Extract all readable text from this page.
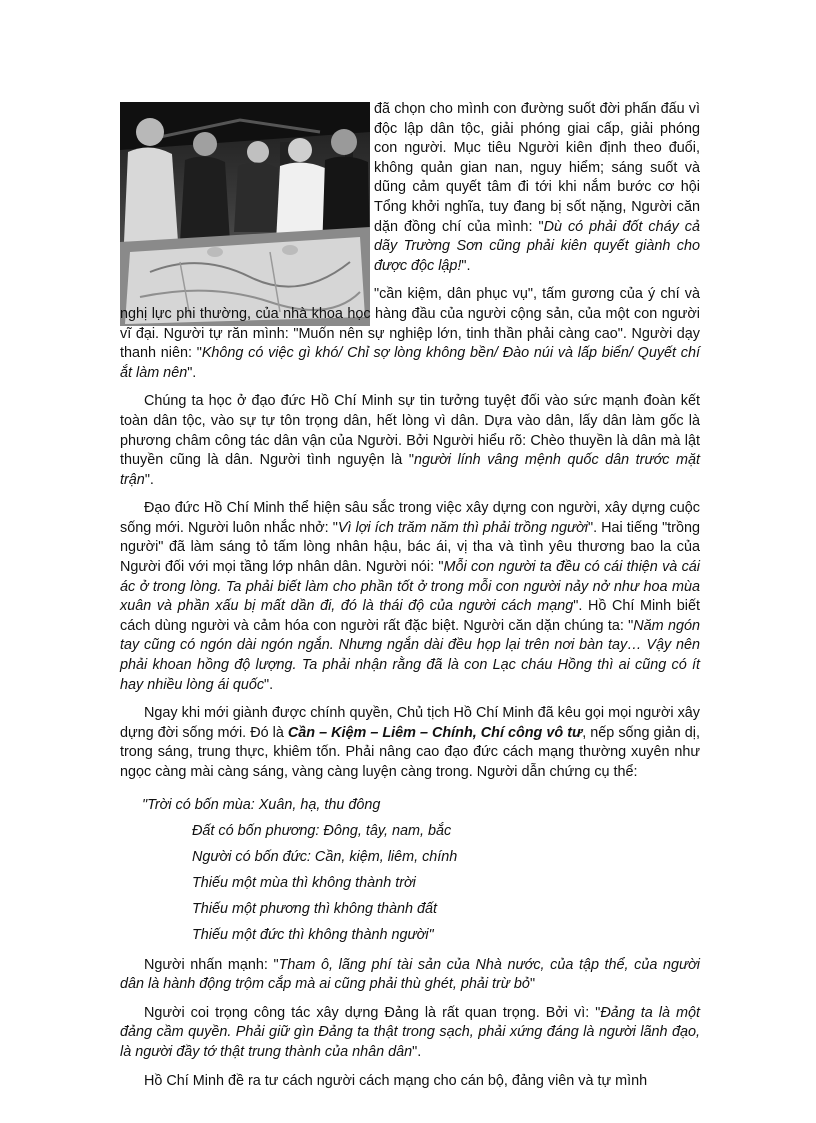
đã chọn cho mình con đường suốt đời phấn đấu vì độc lập dân tộc, giải phóng giai cấp, giải phóng con người. Mục tiêu Người kiên định theo đuổi, không quản gian nan, nguy hiểm; sáng suốt và dũng cảm quyết tâm đi tới khi nắm bước cơ hội Tổng khởi nghĩa, tuy đang bị sốt nặng, Người căn dặn đồng chí của mình: "Dù có phải đốt cháy cả dãy Trường Sơn cũng phải kiên quyết giành cho được độc lập!".

"cần kiệm, dân phục vụ", tấm gương của ý chí và nghị lực phi thường, của nhà khoa học hàng đầu của người cộng sản, của một con người vĩ đại. Người tự răn mình: "Muốn nên sự nghiệp lớn, tinh thần phải càng cao". Người dạy thanh niên: "Không có việc gì khó/ Chỉ sợ lòng không bền/ Đào núi và lấp biển/ Quyết chí ắt làm nên".

Chúng ta học ở đạo đức Hồ Chí Minh sự tin tưởng tuyệt đối vào sức mạnh đoàn kết toàn dân tộc, vào sự tự tôn trọng dân, hết lòng vì dân. Dựa vào dân, lấy dân làm gốc là phương châm công tác dân vận của Người. Bởi Người hiểu rõ: Chèo thuyền là dân mà lật thuyền cũng là dân. Người tình nguyện là "người lính vâng mệnh quốc dân trước mặt trận".

Đạo đức Hồ Chí Minh thể hiện sâu sắc trong việc xây dựng con người, xây dựng cuộc sống mới. Người luôn nhắc nhở: "Vì lợi ích trăm năm thì phải trồng người". Hai tiếng "trồng người" đã làm sáng tỏ tấm lòng nhân hậu, bác ái, vị tha và tình yêu thương bao la của Người đối với mọi tầng lớp nhân dân. Người nói: "Mỗi con người ta đều có cái thiện và cái ác ở trong lòng. Ta phải biết làm cho phần tốt ở trong mỗi con người nảy nở như hoa mùa xuân và phần xấu bị mất dần đi, đó là thái độ của người cách mạng". Hồ Chí Minh biết cách dùng người và cảm hóa con người rất đặc biệt. Người căn dặn chúng ta: "Năm ngón tay cũng có ngón dài ngón ngắn. Nhưng ngắn dài đều họp lại trên nơi bàn tay… Vậy nên phải khoan hồng độ lượng. Ta phải nhận rằng đã là con Lạc cháu Hồng thì ai cũng có ít hay nhiều lòng ái quốc".

Ngay khi mới giành được chính quyền, Chủ tịch Hồ Chí Minh đã kêu gọi mọi người xây dựng đời sống mới. Đó là Cần – Kiệm – Liêm – Chính, Chí công vô tư, nếp sống giản dị, trong sáng, trung thực, khiêm tốn. Phải nâng cao đạo đức cách mạng thường xuyên như ngọc càng mài càng sáng, vàng càng luyện càng trong. Người dẫn chứng cụ thể:

"Trời có bốn mùa: Xuân, hạ, thu đông
Đất có bốn phương: Đông, tây, nam, bắc
Người có bốn đức: Cần, kiệm, liêm, chính
Thiếu một mùa thì không thành trời
Thiếu một phương thì không thành đất
Thiếu một đức thì không thành người"

Người nhấn mạnh: "Tham ô, lãng phí tài sản của Nhà nước, của tập thể, của người dân là hành động trộm cắp mà ai cũng phải thù ghét, phải trừ bỏ"

Người coi trọng công tác xây dựng Đảng là rất quan trọng. Bởi vì: "Đảng ta là một đảng cầm quyền. Phải giữ gìn Đảng ta thật trong sạch, phải xứng đáng là người lãnh đạo, là người đầy tớ thật trung thành của nhân dân".

Hồ Chí Minh đề ra tư cách người cách mạng cho cán bộ, đảng viên và tự mình
